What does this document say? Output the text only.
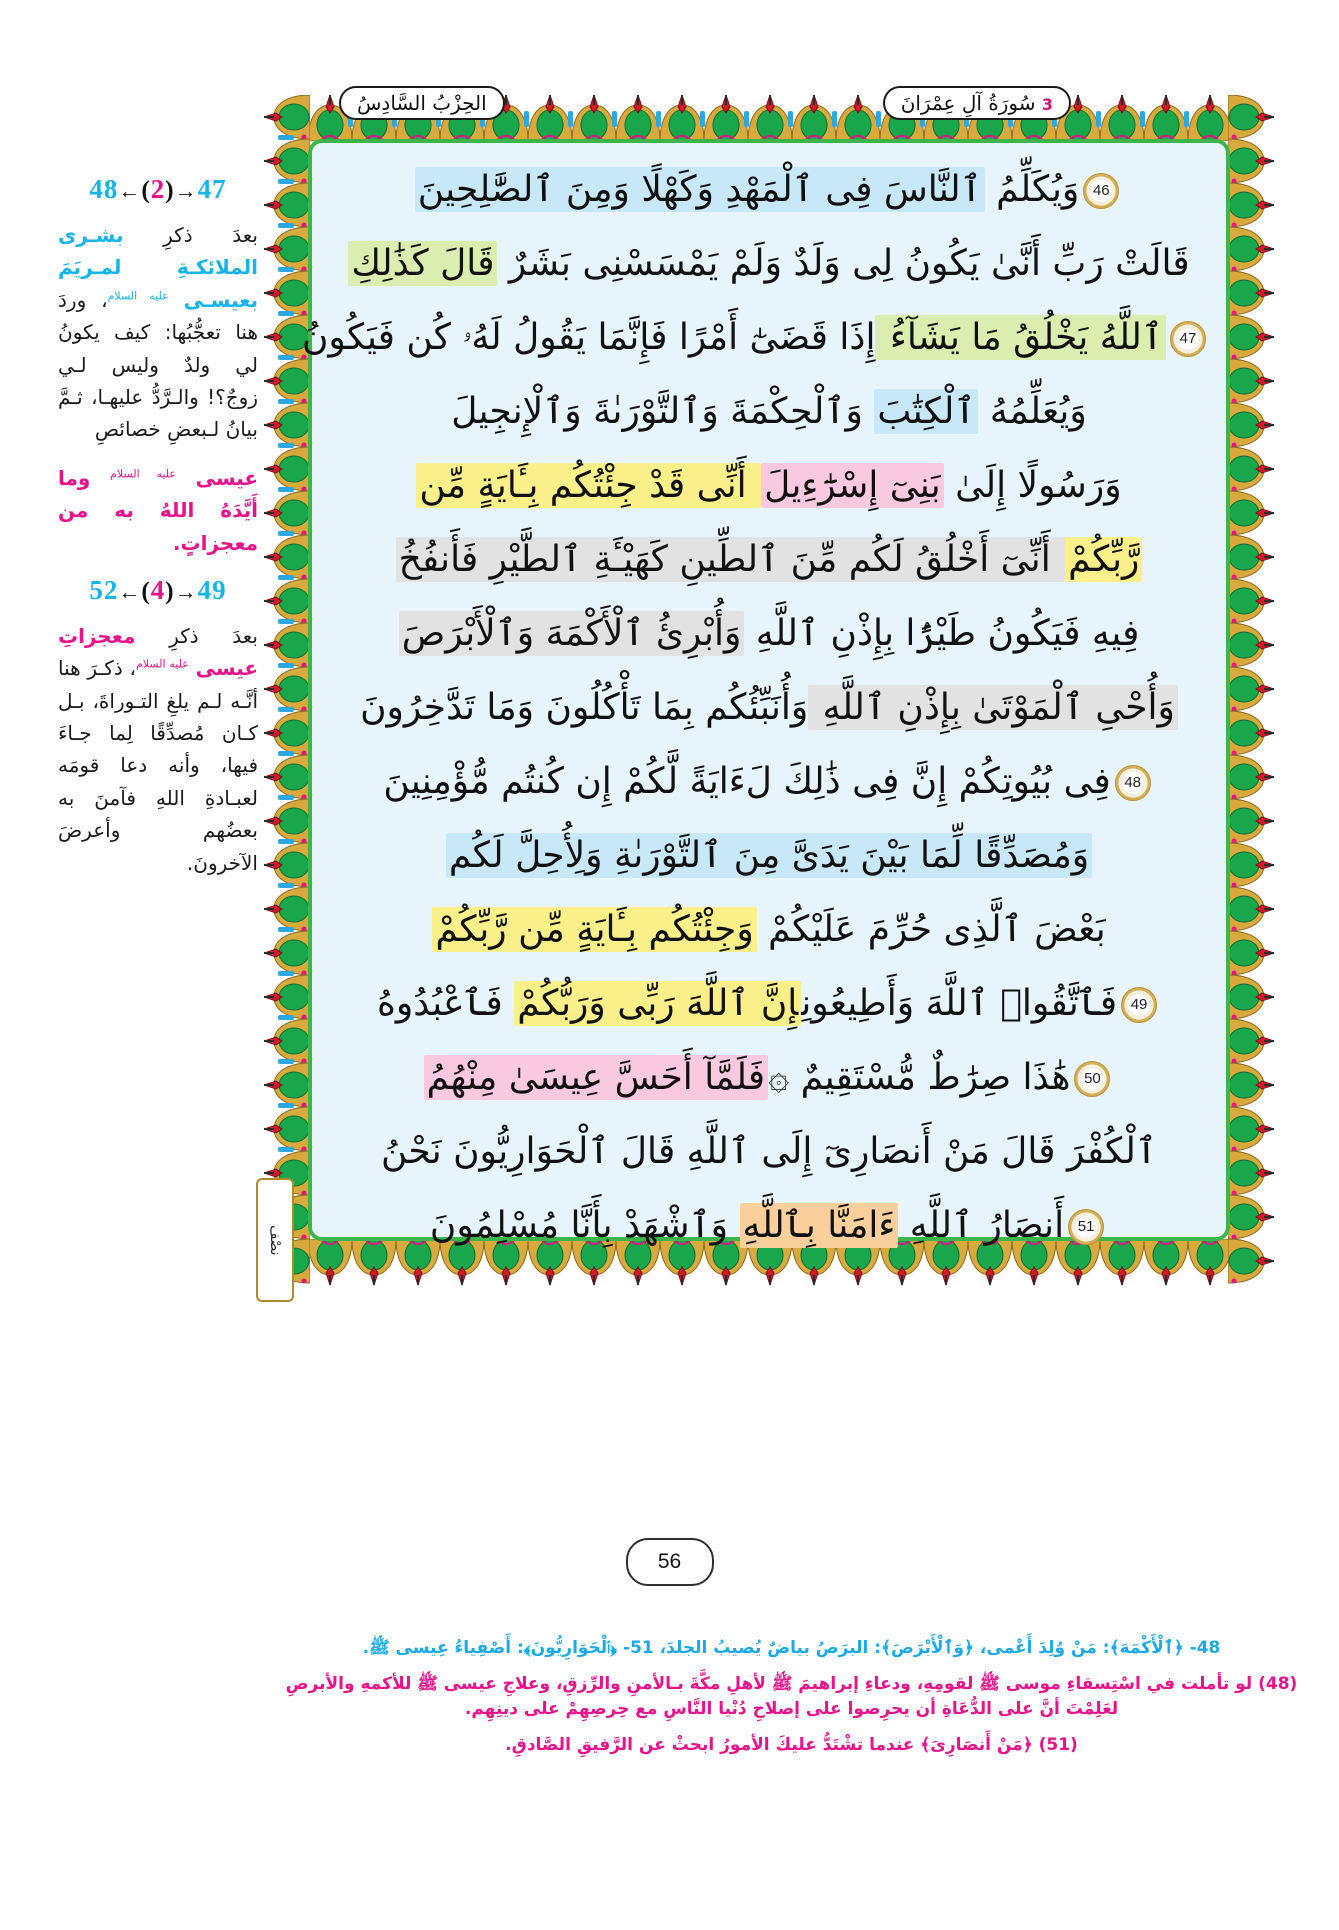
46وَيُكَلِّمُ ٱلنَّاسَ فِى ٱلْمَهْدِ وَكَهْلًا وَمِنَ ٱلصَّٰلِحِينَ
قَالَتْ رَبِّ أَنَّىٰ يَكُونُ لِى وَلَدٌ وَلَمْ يَمْسَسْنِى بَشَرٌ قَالَ كَذَٰلِكِ
47ٱللَّهُ يَخْلُقُ مَا يَشَآءُ إِذَا قَضَىٰٓ أَمْرًا فَإِنَّمَا يَقُولُ لَهُۥ كُن فَيَكُونُ
وَيُعَلِّمُهُ ٱلْكِتَٰبَ وَٱلْحِكْمَةَ وَٱلتَّوْرَىٰةَ وَٱلْإِنجِيلَ
وَرَسُولًا إِلَىٰ بَنِىٓ إِسْرَٰٓءِيلَ أَنِّى قَدْ جِئْتُكُم بِـَٔايَةٍ مِّن
رَّبِّكُمْ أَنِّىٓ أَخْلُقُ لَكُم مِّنَ ٱلطِّينِ كَهَيْـَٔةِ ٱلطَّيْرِ فَأَنفُخُ
فِيهِ فَيَكُونُ طَيْرًۢا بِإِذْنِ ٱللَّهِ وَأُبْرِئُ ٱلْأَكْمَهَ وَٱلْأَبْرَصَ
وَأُحْىِ ٱلْمَوْتَىٰ بِإِذْنِ ٱللَّهِ وَأُنَبِّئُكُم بِمَا تَأْكُلُونَ وَمَا تَدَّخِرُونَ
48فِى بُيُوتِكُمْ إِنَّ فِى ذَٰلِكَ لَءَايَةً لَّكُمْ إِن كُنتُم مُّؤْمِنِينَ
وَمُصَدِّقًا لِّمَا بَيْنَ يَدَىَّ مِنَ ٱلتَّوْرَىٰةِ وَلِأُحِلَّ لَكُم
بَعْضَ ٱلَّذِى حُرِّمَ عَلَيْكُمْ وَجِئْتُكُم بِـَٔايَةٍ مِّن رَّبِّكُمْ
49فَٱتَّقُوا۟ ٱللَّهَ وَأَطِيعُونِإِنَّ ٱللَّهَ رَبِّى وَرَبُّكُمْ فَٱعْبُدُوهُ
50هَٰذَا صِرَٰطٌ مُّسْتَقِيمٌ ۞فَلَمَّآ أَحَسَّ عِيسَىٰ مِنْهُمُ
ٱلْكُفْرَ قَالَ مَنْ أَنصَارِىٓ إِلَى ٱللَّهِ قَالَ ٱلْحَوَارِيُّونَ نَحْنُ
51أَنصَارُ ٱللَّهِ ءَامَنَّا بِٱللَّهِ وَٱشْهَدْ بِأَنَّا مُسْلِمُونَ
الحِزْبُ السَّادِسُ	3 سُورَةُ آلِ عِمْرَانَ
نصْف
56
48←(2)→47

بعدَ ذكرِ بشـرى الملائكـةِ لمـريَمَ بعيسـى $^{عليه السلام}$، وردَ هنا تعجُّبُها: كيف يكونُ لي ولدٌ وليس لـي زوجٌ؟! والـرَّدُّ عليهـا، ثـمَّ بيانُ لـبعضِ خصائصِ

عيسى $^{عليه السلام}$ وما أَيَّدَهُ اللهُ به من معجزاتٍ.

52←(4)→49

بعدَ ذكرِ معجزاتِ عيسى $^{عليه السلام}$، ذكـرَ هنا أنَّـه لـم يلغِ التـوراةَ، بـل كـان مُصدِّقًا لِما جـاءَ فيها، وأنه دعا قومَه لعبـادةِ اللهِ فآمنَ به بعضُهم وأعرضَ الآخرونَ.

48- ﴿ٱلْأَكْمَهَ﴾: مَنْ وُلِدَ أَعْمى، ﴿وَٱلْأَبْرَصَ﴾: البرَصُ بياضٌ يُصيبُ الجلدَ، 51- ﴿ٱلْحَوَارِيُّونَ﴾: أَصْفِياءُ عِيسى ﷺ.

(48) لو تأملت في اسْتِسقاءِ موسى ﷺ لقومِهِ، ودعاءِ إبراهيمَ ﷺ لأهلِ مكَّةَ بـالأمنِ والرِّزقِ، وعلاجِ عيسى ﷺ للأكمهِ والأبرصِ لعَلِمْتَ أنَّ على الدُّعَاةِ أن يحرِصوا على إصلاحِ دُنْيا النَّاسِ مع حِرصِهِمْ على دينِهِم.

(51) ﴿مَنْ أَنصَارِىَ﴾ عندما تشْتَدُّ عليكَ الأمورُ ابحثْ عن الرَّفيقِ الصَّادقِ.
